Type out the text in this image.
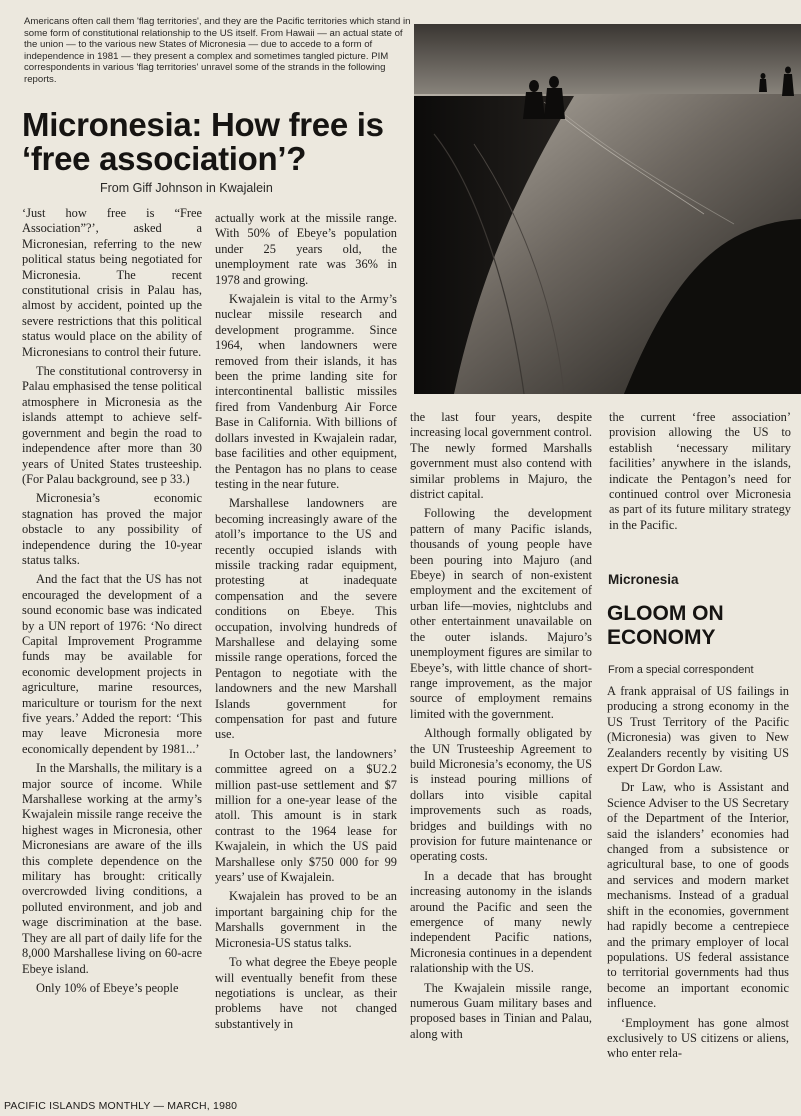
Americans often call them 'flag territories', and they are the Pacific territories which stand in some form of constitutional relationship to the US itself. From Hawaii — an actual state of the union — to the various new States of Micronesia — due to accede to a form of independence in 1981 — they present a complex and sometimes tangled picture. PIM correspondents in various 'flag territories' unravel some of the strands in the following reports.
Micronesia: How free is ‘free association’?
From Giff Johnson in Kwajalein

‘Just how free is “Free Association”?’, asked a Micronesian, referring to the new political status being negotiated for Micronesia. The recent constitutional crisis in Palau has, almost by accident, pointed up the severe restrictions that this political status would place on the ability of Micronesians to control their future.

The constitutional controversy in Palau emphasised the tense political atmosphere in Micronesia as the islands attempt to achieve self-government and begin the road to independence after more than 30 years of United States trusteeship. (For Palau background, see p 33.)

Micronesia’s economic stagnation has proved the major obstacle to any possibility of independence during the 10-year status talks.

And the fact that the US has not encouraged the development of a sound economic base was indicated by a UN report of 1976: ‘No direct Capital Improvement Programme funds may be available for economic development projects in agriculture, marine resources, mariculture or tourism for the next five years.’ Added the report: ‘This may leave Micronesia more economically dependent by 1981...’

In the Marshalls, the military is a major source of income. While Marshallese working at the army’s Kwajalein missile range receive the highest wages in Micronesia, other Micronesians are aware of the ills this complete dependence on the military has brought: critically overcrowded living conditions, a polluted environment, and job and wage discrimination at the base. They are all part of daily life for the 8,000 Marshallese living on 60-acre Ebeye island.

Only 10% of Ebeye’s people

actually work at the missile range. With 50% of Ebeye’s population under 25 years old, the unemployment rate was 36% in 1978 and growing.

Kwajalein is vital to the Army’s nuclear missile research and development programme. Since 1964, when landowners were removed from their islands, it has been the prime landing site for intercontinental ballistic missiles fired from Vandenburg Air Force Base in California. With billions of dollars invested in Kwajalein radar, base facilities and other equipment, the Pentagon has no plans to cease testing in the near future.

Marshallese landowners are becoming increasingly aware of the atoll’s importance to the US and recently occupied islands with missile tracking radar equipment, protesting at inadequate compensation and the severe conditions on Ebeye. This occupation, involving hundreds of Marshallese and delaying some missile range operations, forced the Pentagon to negotiate with the landowners and the new Marshall Islands government for compensation for past and future use.

In October last, the landowners’ committee agreed on a $U2.2 million past-use settlement and $7 million for a one-year lease of the atoll. This amount is in stark contrast to the 1964 lease for Kwajalein, in which the US paid Marshallese only $750 000 for 99 years’ use of Kwajalein.

Kwajalein has proved to be an important bargaining chip for the Marshalls government in the Micronesia-US status talks.

To what degree the Ebeye people will eventually benefit from these negotiations is unclear, as their problems have not changed substantively in

the last four years, despite increasing local government control. The newly formed Marshalls government must also contend with similar problems in Majuro, the district capital.

Following the development pattern of many Pacific islands, thousands of young people have been pouring into Majuro (and Ebeye) in search of non-existent employment and the excitement of urban life—movies, nightclubs and other entertainment unavailable on the outer islands. Majuro’s unemployment figures are similar to Ebeye’s, with little chance of short-range improvement, as the major source of employment remains limited with the government.

Although formally obligated by the UN Trusteeship Agreement to build Micronesia’s economy, the US is instead pouring millions of dollars into visible capital improvements such as roads, bridges and buildings with no provision for future maintenance or operating costs.

In a decade that has brought increasing autonomy in the islands around the Pacific and seen the emergence of many newly independent Pacific nations, Micronesia continues in a dependent ralationship with the US.

The Kwajalein missile range, numerous Guam military bases and proposed bases in Tinian and Palau, along with

the current ‘free association’ provision allowing the US to establish ‘necessary military facilities’ anywhere in the islands, indicate the Pentagon’s need for continued control over Micronesia as part of its future military strategy in the Pacific.

Micronesia
GLOOM ON ECONOMY
From a special correspondent

A frank appraisal of US failings in producing a strong economy in the US Trust Territory of the Pacific (Micronesia) was given to New Zealanders recently by visiting US expert Dr Gordon Law.

Dr Law, who is Assistant and Science Adviser to the US Secretary of the Department of the Interior, said the islanders’ economies had changed from a subsistence or agricultural base, to one of goods and services and modern market mechanisms. Instead of a gradual shift in the economies, government had rapidly become a centrepiece and the primary employer of local populations. US federal assistance to territorial governments had thus become an important economic influence.

‘Employment has gone almost exclusively to US citizens or aliens, who enter rela-

PACIFIC ISLANDS MONTHLY — MARCH, 1980
